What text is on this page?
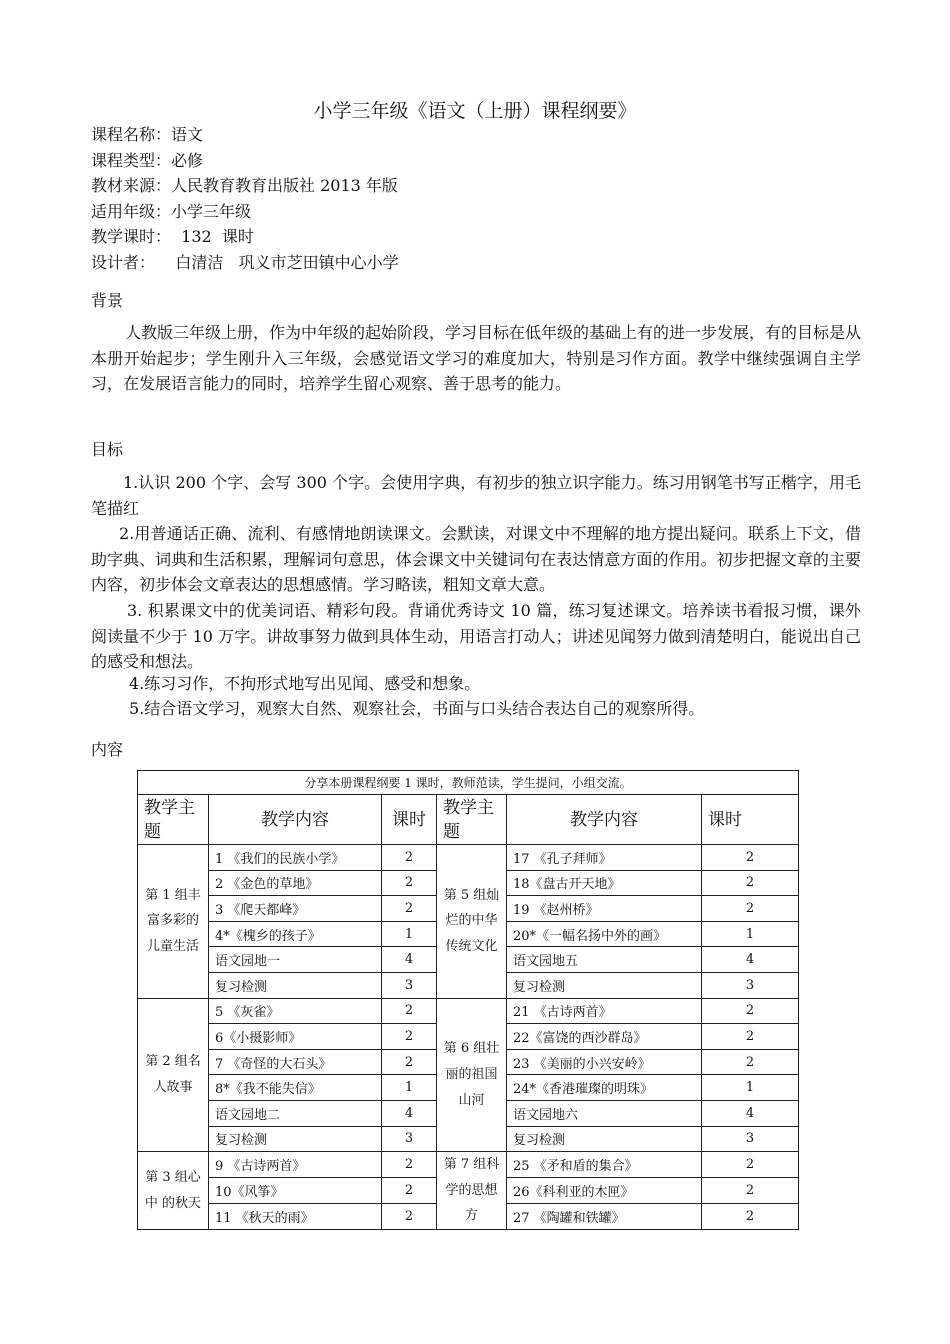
小学三年级《语文（上册）课程纲要》
课程名称：语文
课程类型：必修
教材来源：人民教育教育出版社 2013 年版
适用年级：小学三年级
教学课时：  132  课时
设计者：    白清洁   巩义市芝田镇中心小学
背景
人教版三年级上册，作为中年级的起始阶段，学习目标在低年级的基础上有的进一步发展，有的目标是从本册开始起步；学生刚升入三年级，会感觉语文学习的难度加大，特别是习作方面。教学中继续强调自主学习，在发展语言能力的同时，培养学生留心观察、善于思考的能力。
目标
1.认识 200 个字、会写 300 个字。会使用字典，有初步的独立识字能力。练习用钢笔书写正楷字，用毛笔描红
2.用普通话正确、流利、有感情地朗读课文。会默读，对课文中不理解的地方提出疑问。联系上下文，借助字典、词典和生活积累，理解词句意思，体会课文中关键词句在表达情意方面的作用。初步把握文章的主要内容，初步体会文章表达的思想感情。学习略读，粗知文章大意。
3. 积累课文中的优美词语、精彩句段。背诵优秀诗文 10 篇，练习复述课文。培养读书看报习惯，课外阅读量不少于 10 万字。讲故事努力做到具体生动，用语言打动人；讲述见闻努力做到清楚明白，能说出自己的感受和想法。
4.练习习作，不拘形式地写出见闻、感受和想象。
5.结合语文学习，观察大自然、观察社会，书面与口头结合表达自己的观察所得。
内容
分享本册课程纲要 1 课时，教师范读，学生提问，小组交流。					
教学主题	教学内容	课时	教学主题	教学内容	课时
第 1 组丰富多彩的儿童生活	1 《我们的民族小学》	2	第 5 组灿烂的中华传统文化	17 《孔子拜师》	2
	2 《金色的草地》	2		18《盘古开天地》	2
	3 《爬天都峰》	2		19 《赵州桥》	2
	4*《槐乡的孩子》	1		20*《一幅名扬中外的画》	1
	语文园地一	4		语文园地五	4
	复习检测	3		复习检测	3
第 2 组名人故事	5 《灰雀》	2	第 6 组壮丽的祖国山河	21 《古诗两首》	2
	6《小摄影师》	2		22《富饶的西沙群岛》	2
	7 《奇怪的大石头》	2		23 《美丽的小兴安岭》	2
	8*《我不能失信》	1		24*《香港璀璨的明珠》	1
	语文园地二	4		语文园地六	4
	复习检测	3		复习检测	3
第 3 组心中 的秋天	9 《古诗两首》	2	第 7 组科学的思想方	25 《矛和盾的集合》	2
	10《风筝》	2		26《科利亚的木匣》	2
	11 《秋天的雨》	2		27 《陶罐和铁罐》	2
